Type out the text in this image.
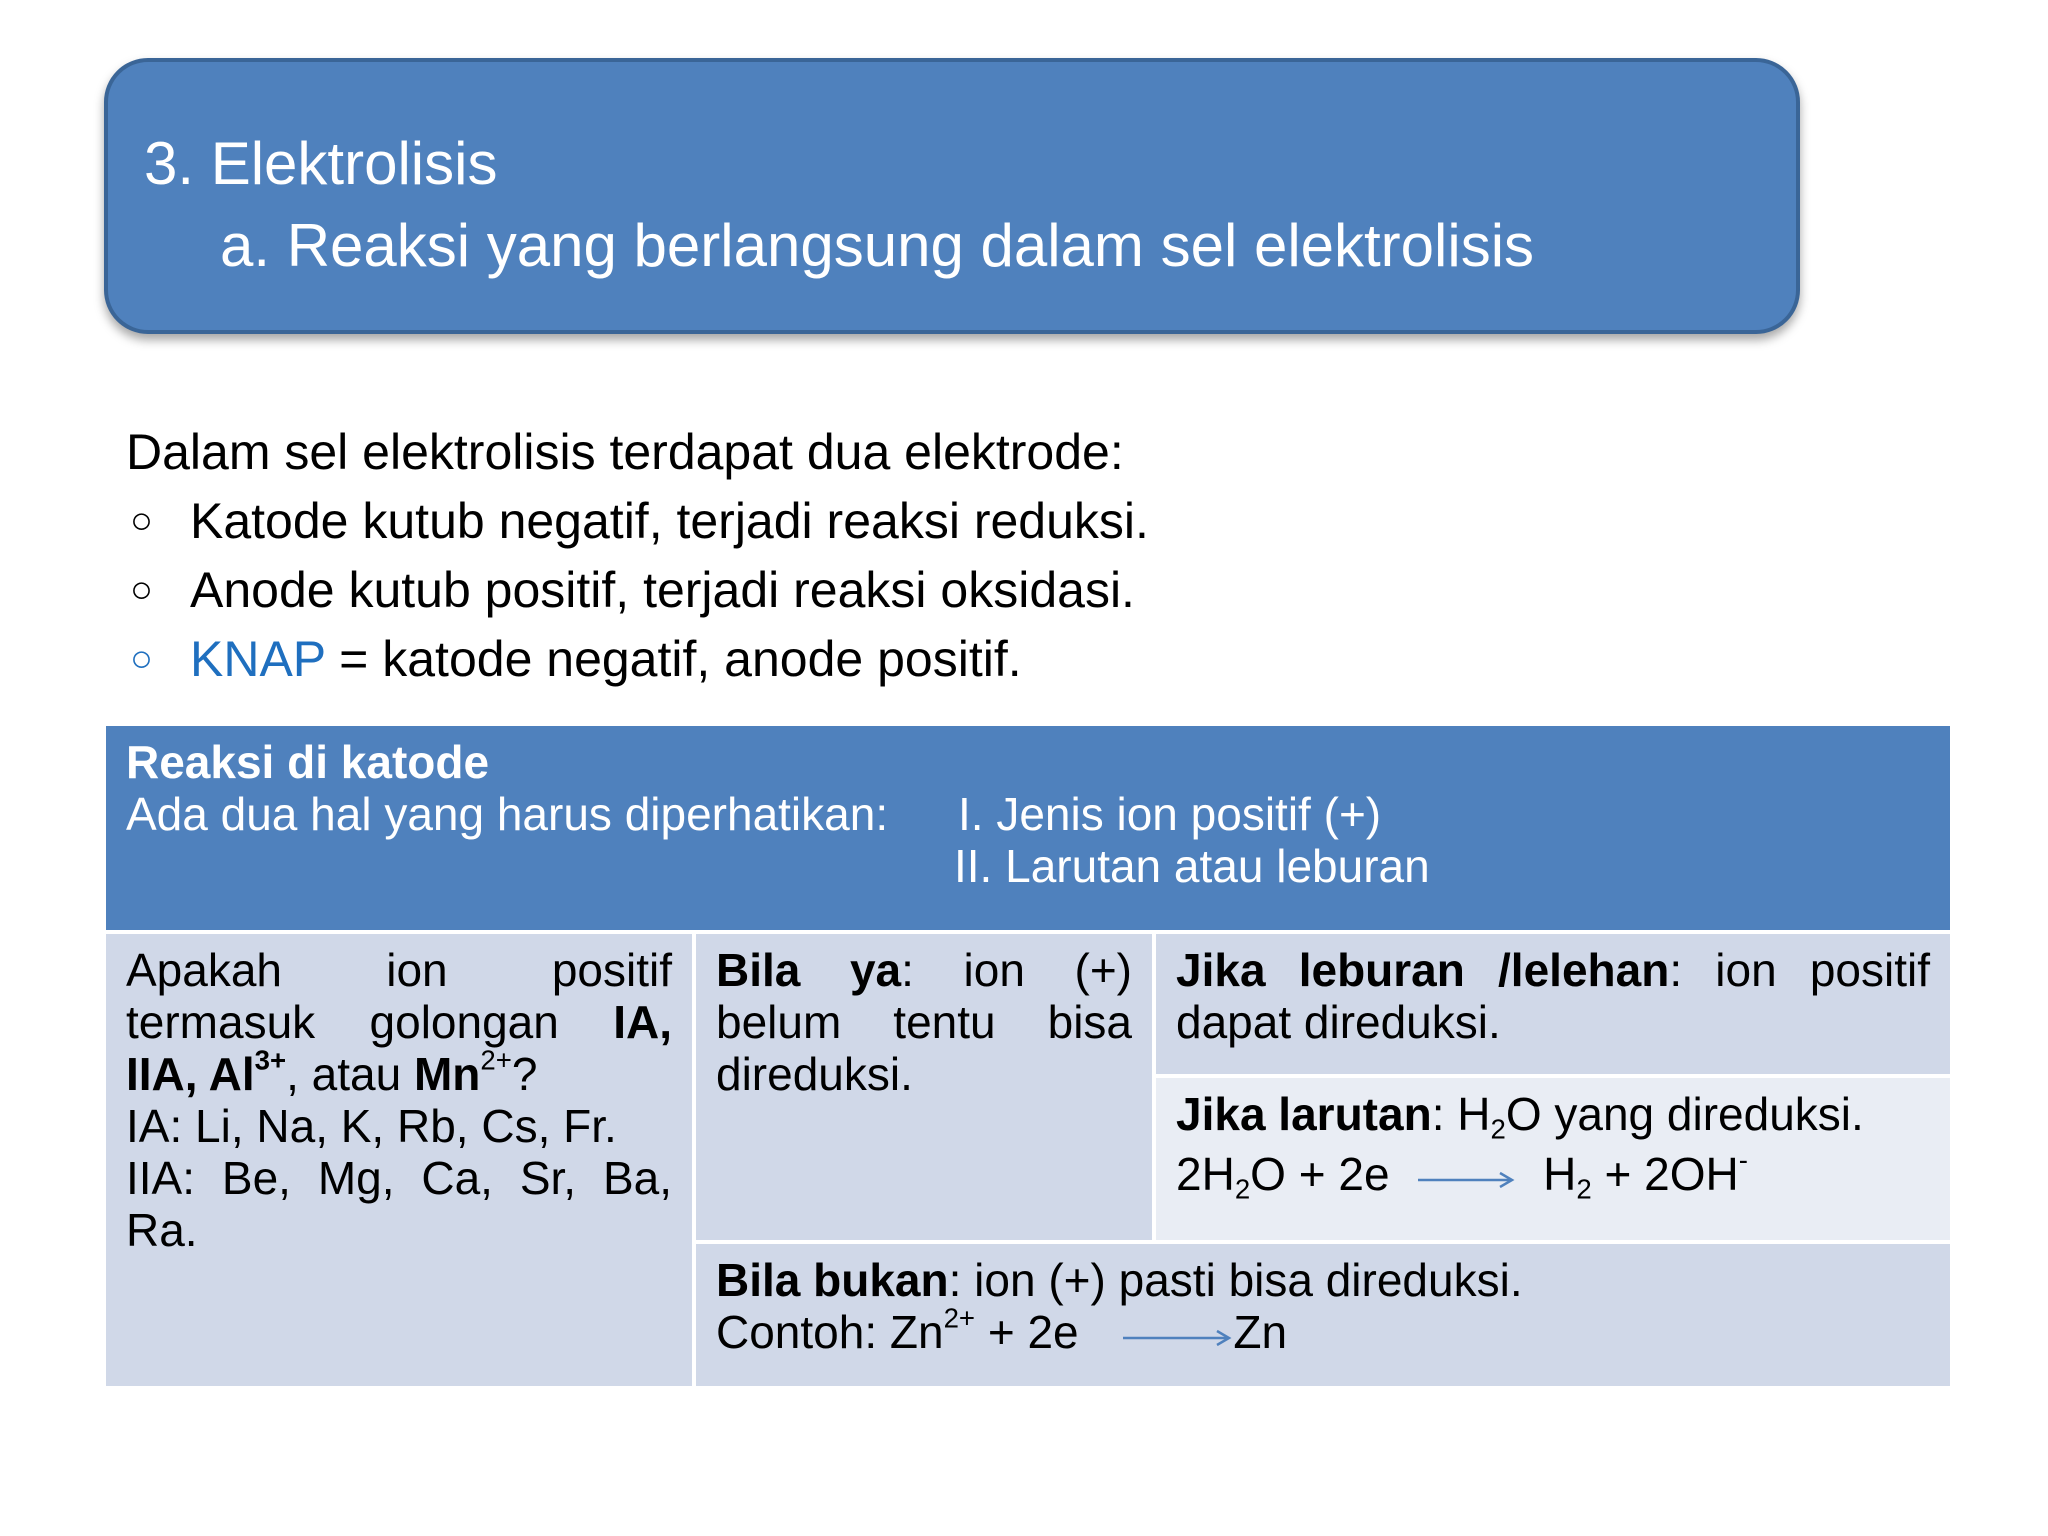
3. Elektrolisis
a. Reaksi yang berlangsung dalam sel elektrolisis
Dalam sel elektrolisis terdapat dua elektrode:
○ Katode kutub negatif, terjadi reaksi reduksi.
○ Anode kutub positif, terjadi reaksi oksidasi.
○ KNAP = katode negatif, anode positif.
Reaksi di katode
Ada dua hal yang harus diperhatikan: I. Jenis ion positif (+)
II. Larutan atau leburan

Apakah ion positif

termasuk golongan IA,

IIA, $Al^{3+}$, atau $Mn^{2+}$?

IA: Li, Na, K, Rb, Cs, Fr.

IIA: Be, Mg, Ca, Sr, Ba, Ra.

Bila ya: ion (+) belum tentu bisa direduksi.

Jika leburan /lelehan: ion positif dapat direduksi.

Jika larutan: $H_2O$ yang direduksi.
$2H_2O + 2e \to H_2 + 2OH^-$
Bila bukan: ion (+) pasti bisa direduksi.
Contoh: $Zn^{2+} + 2e \to Zn$
